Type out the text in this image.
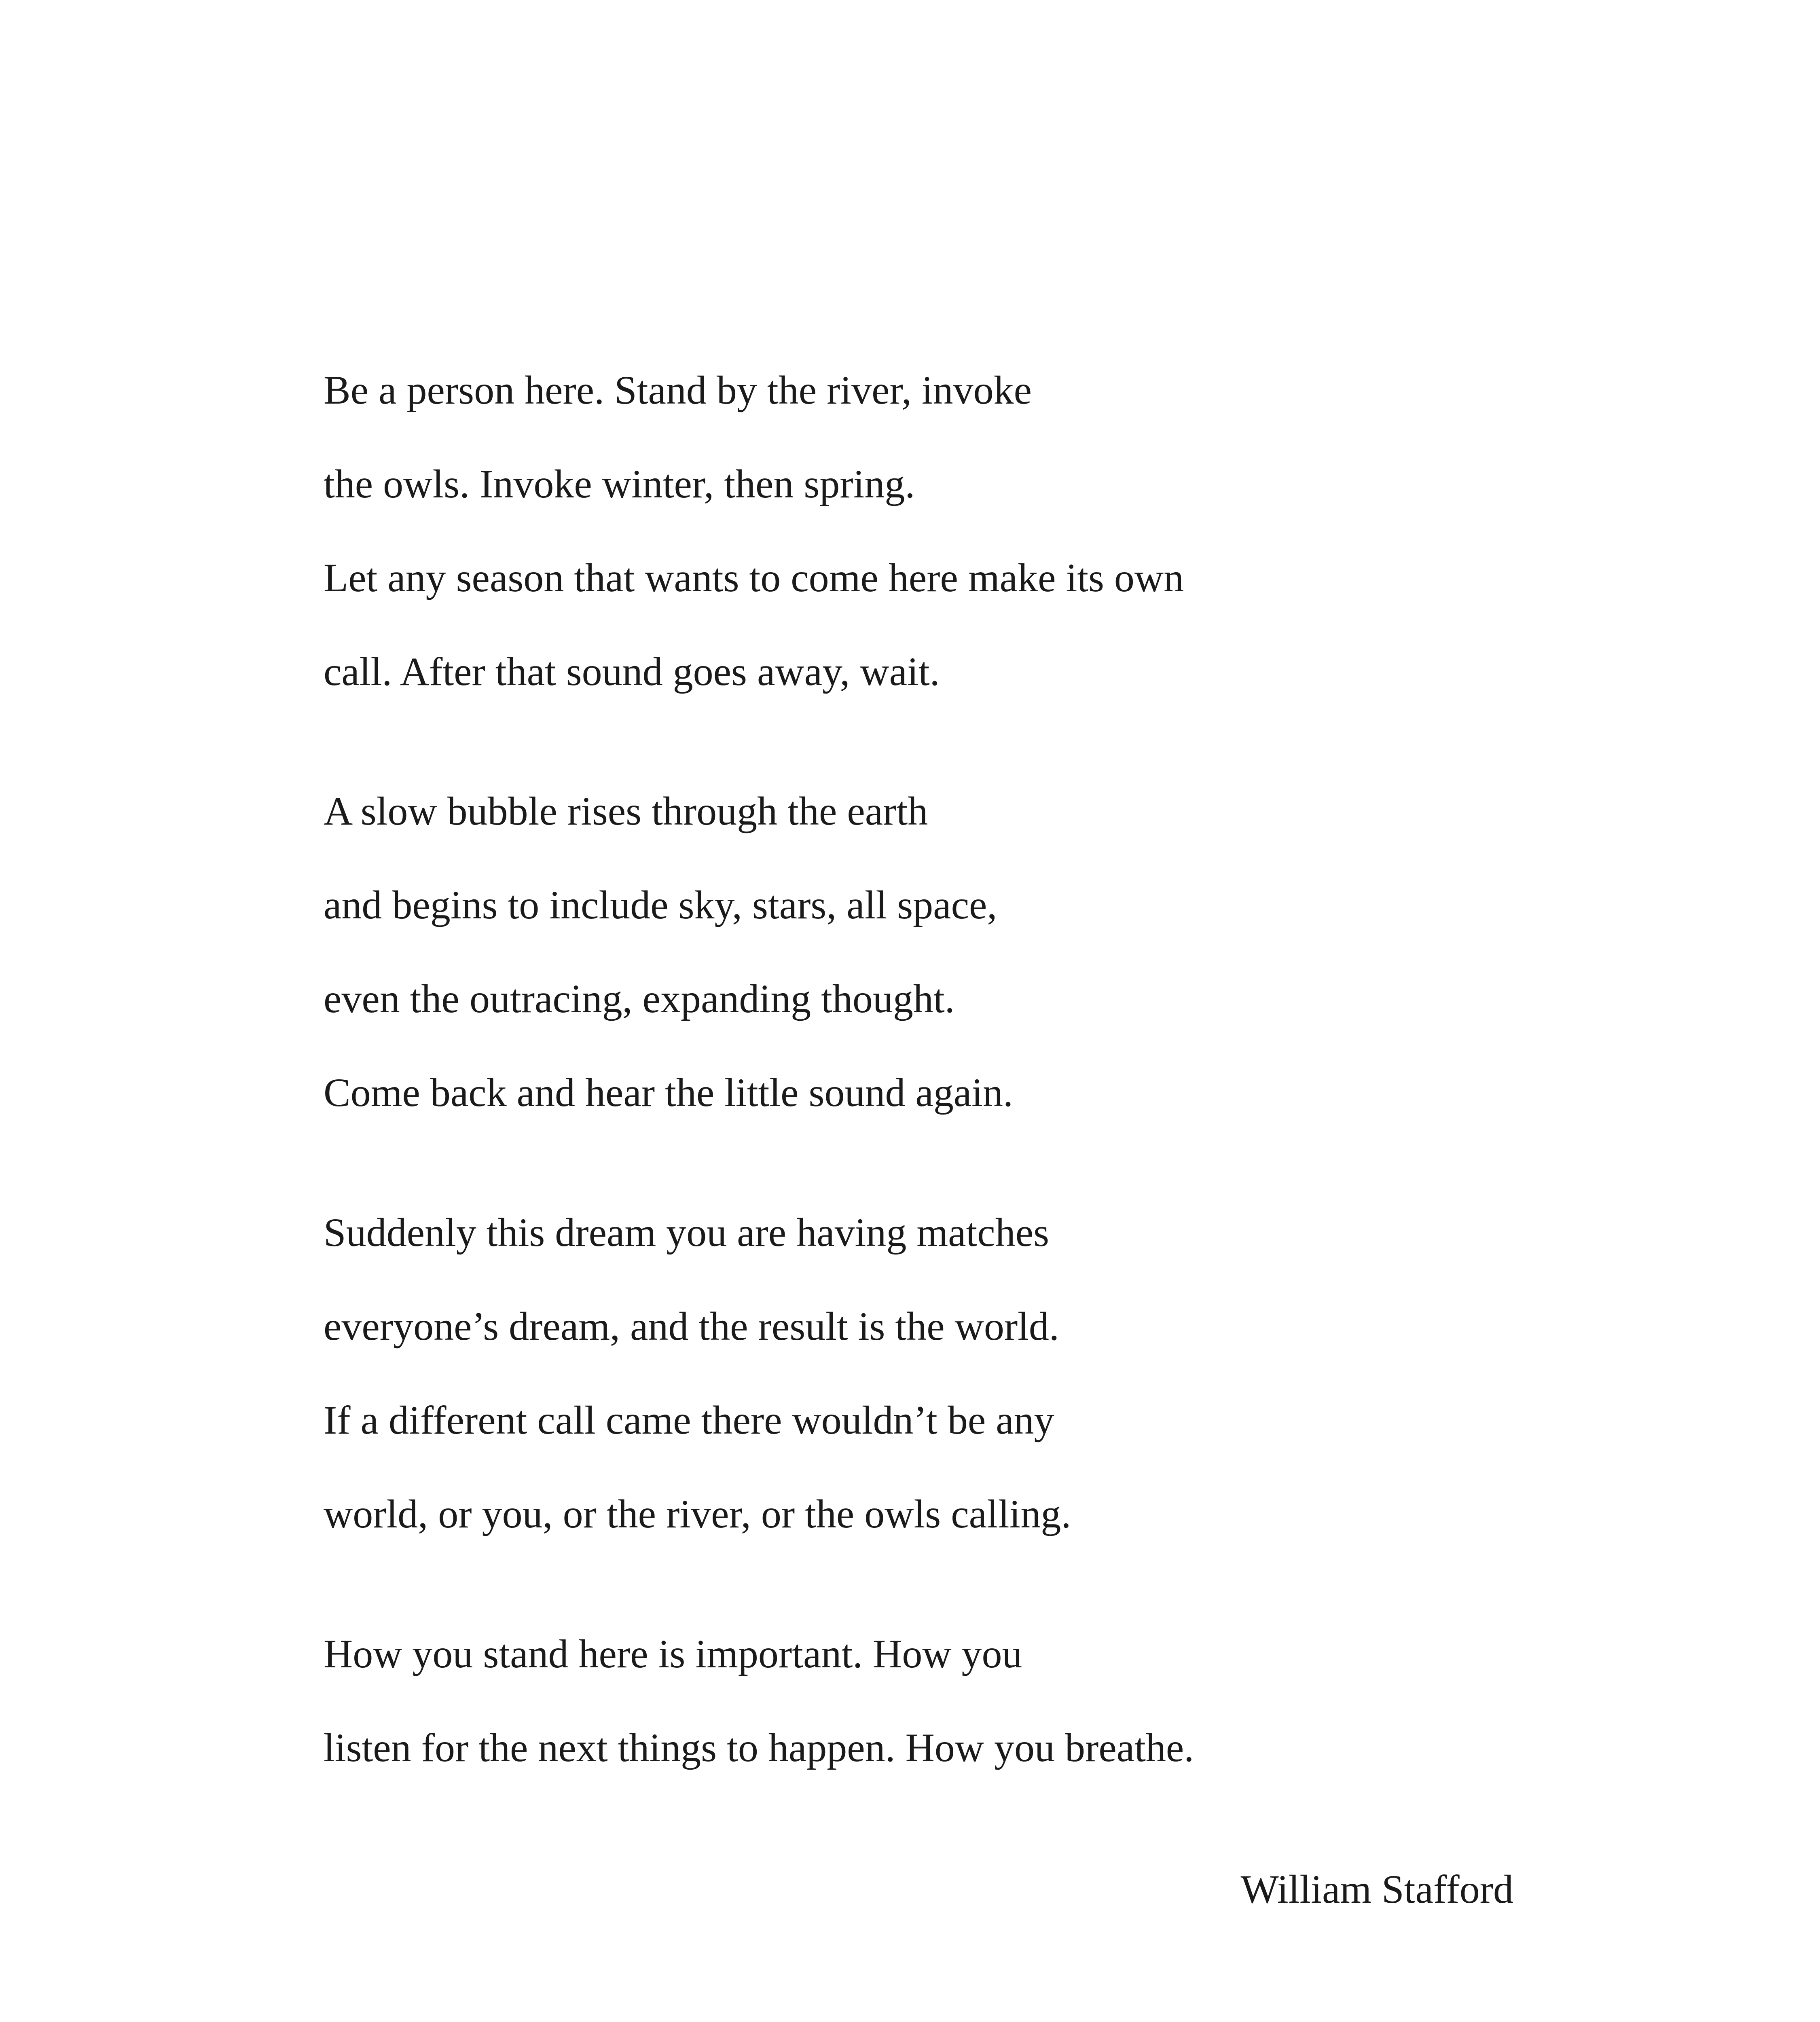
Be a person here. Stand by the river, invoke
the owls. Invoke winter, then spring.
Let any season that wants to come here make its own
call. After that sound goes away, wait.
A slow bubble rises through the earth
and begins to include sky, stars, all space,
even the outracing, expanding thought.
Come back and hear the little sound again.
Suddenly this dream you are having matches
everyone’s dream, and the result is the world.
If a different call came there wouldn’t be any
world, or you, or the river, or the owls calling.
How you stand here is important. How you
listen for the next things to happen. How you breathe.
William Stafford
